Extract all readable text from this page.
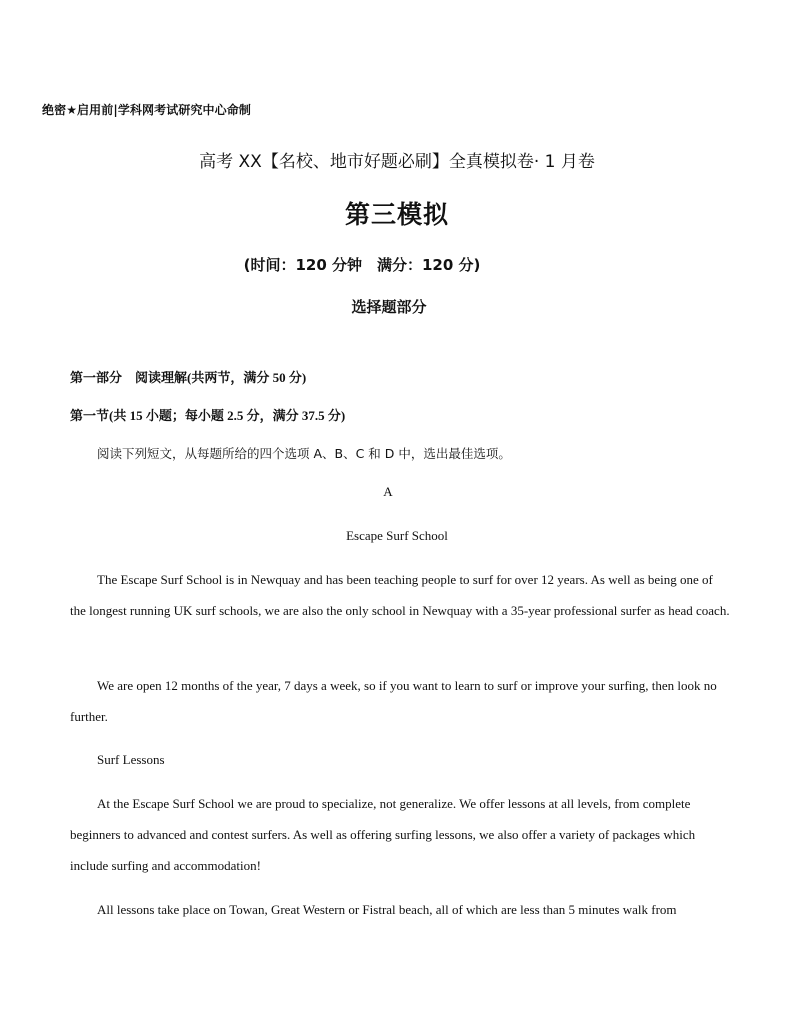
绝密★启用前|学科网考试研究中心命制
高考 XX【名校、地市好题必刷】全真模拟卷· 1 月卷
第三模拟
(时间：120 分钟　满分：120 分)
选择题部分
第一部分　阅读理解(共两节，满分 50 分)
第一节(共 15 小题；每小题 2.5 分，满分 37.5 分)
阅读下列短文，从每题所给的四个选项 A、B、C 和 D 中，选出最佳选项。
A
Escape Surf School

The Escape Surf School is in Newquay and has been teaching people to surf for over 12 years. As well as being one of the longest running UK surf schools, we are also the only school in Newquay with a 35-year professional surfer as head coach.

We are open 12 months of the year, 7 days a week, so if you want to learn to surf or improve your surfing, then look no further.

Surf Lessons

At the Escape Surf School we are proud to specialize, not generalize. We offer lessons at all levels, from complete beginners to advanced and contest surfers. As well as offering surfing lessons, we also offer a variety of packages which include surfing and accommodation!

All lessons take place on Towan, Great Western or Fistral beach, all of which are less than 5 minutes walk from
